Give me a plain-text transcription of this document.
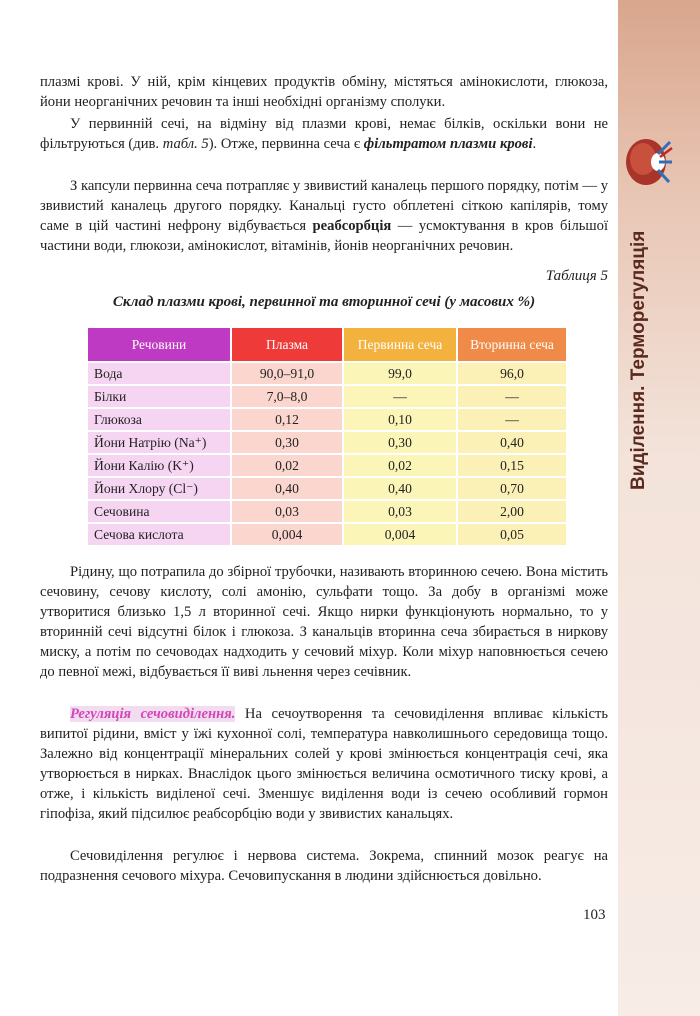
Виділення. Терморегуляція

плазмі крові. У ній, крім кінцевих продуктів обміну, містяться амінокислоти, глюкоза, йони неорганічних речовин та інші необхідні організму сполуки.

У первинній сечі, на відміну від плазми крові, немає білків, оскільки вони не фільтруються (див. табл. 5). Отже, первинна сеча є фільтратом плазми крові.

З капсули первинна сеча потрапляє у звивистий каналець першого порядку, потім — у звивистий каналець другого порядку. Канальці густо обплетені сіткою капілярів, тому саме в цій частині нефрону відбувається реабсорбція — усмоктування в кров більшої частини води, глюкози, амінокислот, вітамінів, йонів неорганічних речовин.

Таблиця 5
Склад плазми крові, первинної та вторинної сечі (у масових %)
Речовини	Плазма	Первинна сеча	Вторинна сеча
Вода	90,0–91,0	99,0	96,0
Білки	7,0–8,0	—	—
Глюкоза	0,12	0,10	—
Йони Натрію (Na⁺)	0,30	0,30	0,40
Йони Калію (K⁺)	0,02	0,02	0,15
Йони Хлору (Cl⁻)	0,40	0,40	0,70
Сечовина	0,03	0,03	2,00
Сечова кислота	0,004	0,004	0,05

Рідину, що потрапила до збірної трубочки, називають вторинною сечею. Вона містить сечовину, сечову кислоту, солі амонію, сульфати тощо. За добу в організмі може утворитися близько 1,5 л вторинної сечі. Якщо нирки функціонують нормально, то у вторинній сечі відсутні білок і глюкоза. З канальців вторинна сеча збирається в ниркову миску, а потім по сечоводах надходить у сечовий міхур. Коли міхур наповнюється сечею до певної межі, відбувається її виві льнення через сечівник.

Регуляція сечовиділення. На сечоутворення та сечовиділення впливає кількість випитої рідини, вміст у їжі кухонної солі, температура навколишнього середовища тощо. Залежно від концентрації мінеральних солей у крові змінюється концентрація сечі, яка утворюється в нирках. Внаслідок цього змінюється величина осмотичного тиску крові, а отже, і кількість виділеної сечі. Зменшує виділення води із сечею особливий гормон гіпофіза, який підсилює реабсорбцію води у звивистих канальцях.

Сечовиділення регулює і нервова система. Зокрема, спинний мозок реагує на подразнення сечового міхура. Сечовипускання в людини здійснюється довільно.

103
